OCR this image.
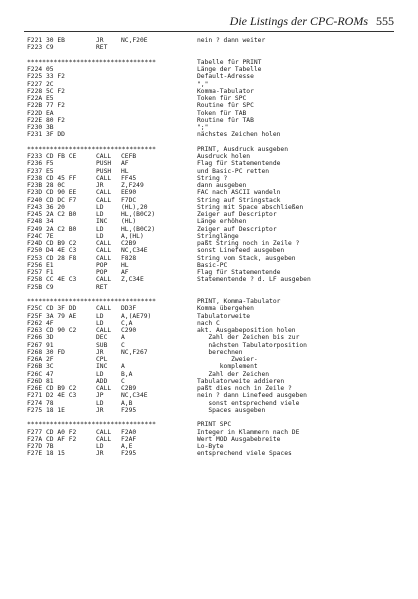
Die Listings der CPC-ROMs 555
F221 30 EB	JR	NC,F20E	nein ? dann weiter
F223 C9	RET
**********************************	Tabelle für PRINT
F224 05	Länge der Tabelle
F225 33 F2	Default-Adresse
F227 2C	","
F228 5C F2	Komma-Tabulator
F22A E5	Token für SPC
F22B 77 F2	Routine für SPC
F22D EA	Token für TAB
F22E 80 F2	Routine für TAB
F230 3B	";"
F231 3F DD	nächstes Zeichen holen
**********************************	PRINT, Ausdruck ausgeben
F233 CD FB CE	CALL CEFB	Ausdruck holen
F236 F5	PUSH AF	Flag für Statementende
F237 E5	PUSH HL	und Basic-PC retten
F238 CD 45 FF	CALL FF45	String ?
F23B 28 0C	JR	Z,F249	dann ausgeben
F23D CD 90 EE	CALL EE90	FAC nach ASCII wandeln
F240 CD DC F7	CALL F7DC	String auf Stringstack
F243 36 20	LD	(HL),20	String mit Space abschließen
F245 2A C2 B0	LD	HL,(B0C2)	Zeiger auf Descriptor
F248 34	INC (HL)	Länge erhöhen
F249 2A C2 B0	LD	HL,(B0C2)	Zeiger auf Descriptor
F24C 7E	LD	A,(HL)	Stringlänge
F24D CD B9 C2	CALL C2B9	paßt String noch in Zeile ?
F250 D4 4E C3	CALL NC,C34E	sonst Linefeed ausgeben
F253 CD 28 F8	CALL F828	String vom Stack, ausgeben
F256 E1	POP HL	Basic-PC
F257 F1	POP AF	Flag für Statementende
F258 CC 4E C3	CALL Z,C34E	Statementende ? d. LF ausgeben
F25B C9	RET
**********************************	PRINT, Komma-Tabulator
F25C CD 3F DD	CALL DD3F	Komma übergehen
F25F 3A 79 AE	LD	A,(AE79)	Tabulatorweite
F262 4F	LD	C,A	nach C
F263 CD 90 C2	CALL C290	akt. Ausgabeposition holen
F266 3D	DEC A	Zahl der Zeichen bis zur
F267 91	SUB C	nächsten Tabulatorposition
F268 30 FD	JR	NC,F267	berechnen
F26A 2F	CPL	Zweier-
F26B 3C	INC A	komplement
F26C 47	LD	B,A	Zahl der Zeichen
F26D 81	ADD C	Tabulatorweite addieren
F26E CD B9 C2	CALL C2B9	paßt dies noch in Zeile ?
F271 D2 4E C3	JP	NC,C34E	nein ? dann Linefeed ausgeben
F274 78	LD	A,B	sonst entsprechend viele
F275 18 1E	JR	F295	Spaces ausgeben
**********************************	PRINT SPC
F277 CD A0 F2	CALL F2A0	Integer in Klammern nach DE
F27A CD AF F2	CALL F2AF	Wert MOD Ausgabebreite
F27D 7B	LD	A,E	Lo-Byte
F27E 18 15	JR	F295	entsprechend viele Spaces
